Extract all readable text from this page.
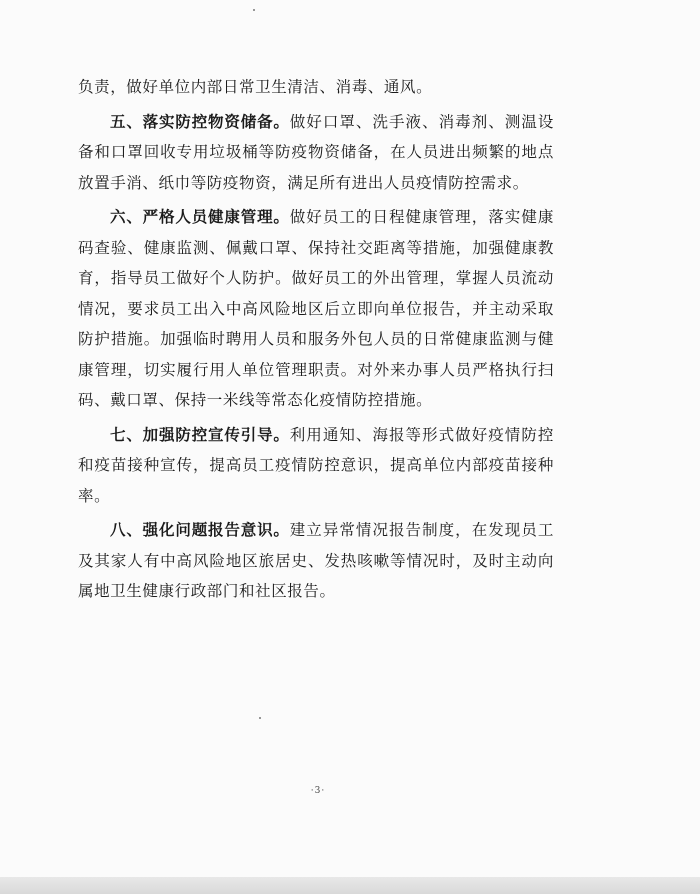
负责，做好单位内部日常卫生清洁、消毒、通风。

五、落实防控物资储备。做好口罩、洗手液、消毒剂、测温设备和口罩回收专用垃圾桶等防疫物资储备，在人员进出频繁的地点放置手消、纸巾等防疫物资，满足所有进出人员疫情防控需求。

六、严格人员健康管理。做好员工的日程健康管理，落实健康码查验、健康监测、佩戴口罩、保持社交距离等措施，加强健康教育，指导员工做好个人防护。做好员工的外出管理，掌握人员流动情况，要求员工出入中高风险地区后立即向单位报告，并主动采取防护措施。加强临时聘用人员和服务外包人员的日常健康监测与健康管理，切实履行用人单位管理职责。对外来办事人员严格执行扫码、戴口罩、保持一米线等常态化疫情防控措施。

七、加强防控宣传引导。利用通知、海报等形式做好疫情防控和疫苗接种宣传，提高员工疫情防控意识，提高单位内部疫苗接种率。

八、强化问题报告意识。建立异常情况报告制度，在发现员工及其家人有中高风险地区旅居史、发热咳嗽等情况时，及时主动向属地卫生健康行政部门和社区报告。

·3·
